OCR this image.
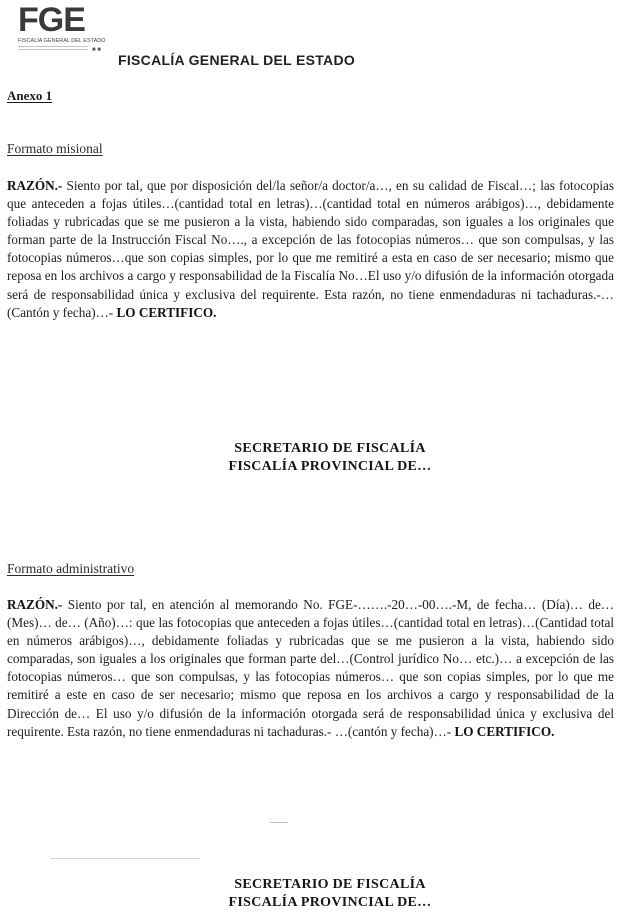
FGE
FISCALÍA GENERAL DEL ESTADO
■ ■
FISCALÍA GENERAL DEL ESTADO
Anexo 1
Formato misional
RAZÓN.- Siento por tal, que por disposición del/la señor/a doctor/a…, en su calidad de Fiscal…; las fotocopias que anteceden a fojas útiles…(cantidad total en letras)…(cantidad total en números arábigos)…, debidamente foliadas y rubricadas que se me pusieron a la vista, habiendo sido comparadas, son iguales a los originales que forman parte de la Instrucción Fiscal No…., a excepción de las fotocopias números… que son compulsas, y las fotocopias números…que son copias simples, por lo que me remitiré a esta en caso de ser necesario; mismo que reposa en los archivos a cargo y responsabilidad de la Fiscalía No…El uso y/o difusión de la información otorgada será de responsabilidad única y exclusiva del requirente. Esta razón, no tiene enmendaduras ni tachaduras.-… (Cantón y fecha)…- LO CERTIFICO.
SECRETARIO DE FISCALÍA
FISCALÍA PROVINCIAL DE…
Formato administrativo
RAZÓN.- Siento por tal, en atención al memorando No. FGE-…….-20…-00….-M, de fecha… (Día)… de… (Mes)… de… (Año)…: que las fotocopias que anteceden a fojas útiles…(cantidad total en letras)…(Cantidad total en números arábigos)…, debidamente foliadas y rubricadas que se me pusieron a la vista, habiendo sido comparadas, son iguales a los originales que forman parte del…(Control jurídico No… etc.)… a excepción de las fotocopias números… que son compulsas, y las fotocopias números… que son copias simples, por lo que me remitiré a este en caso de ser necesario; mismo que reposa en los archivos a cargo y responsabilidad de la Dirección de… El uso y/o difusión de la información otorgada será de responsabilidad única y exclusiva del requirente. Esta razón, no tiene enmendaduras ni tachaduras.- …(cantón y fecha)…- LO CERTIFICO.
SECRETARIO DE FISCALÍA
FISCALÍA PROVINCIAL DE…
